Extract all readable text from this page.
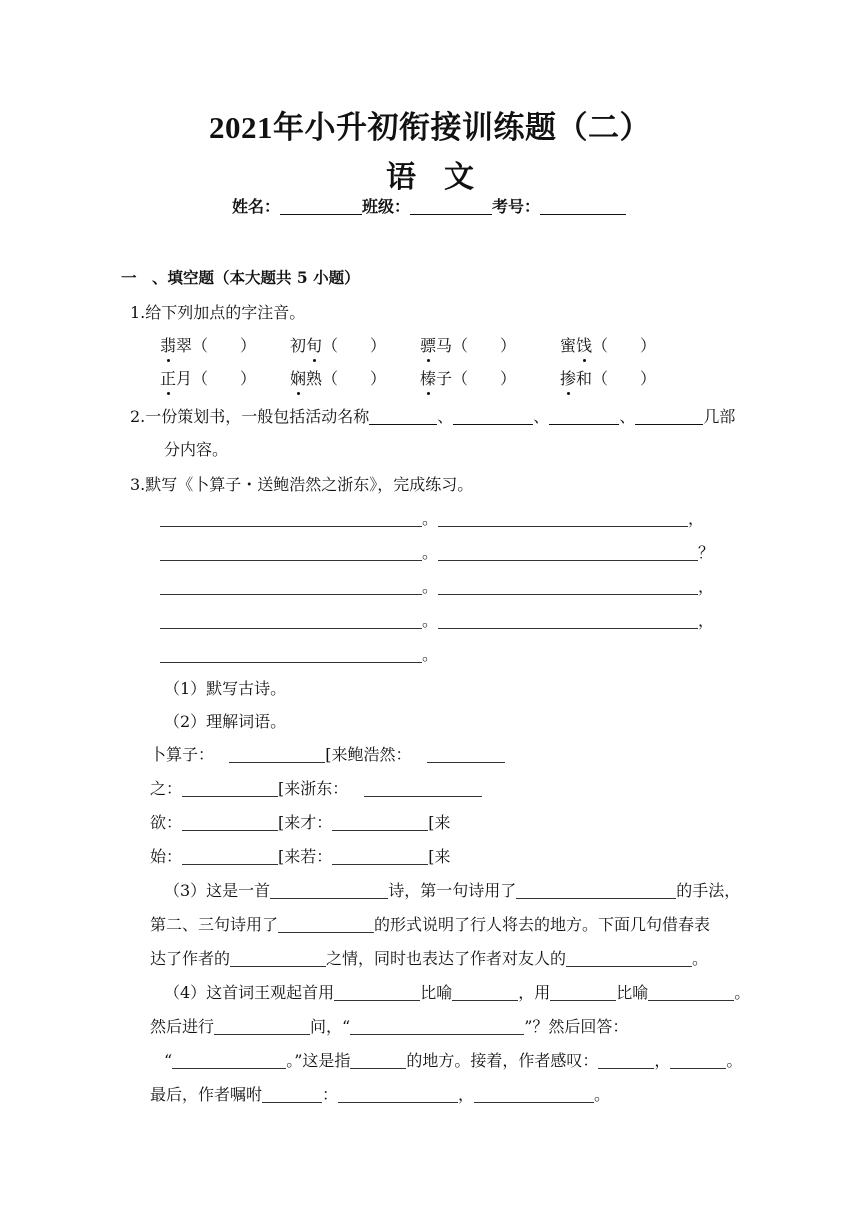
2021年小升初衔接训练题（二）
语文
姓名：	班级：	考号：
一　、填空题（本大题共 5 小题）
1.给下列加点的字注音。
翡翠（　　） 初旬（　　） 骠马（　　）	蜜饯（　　）
正月（　　） 娴熟（　　） 榛子（　　）	掺和（　　）
2.一份策划书，一般包括活动名称	、	、	、	几部
分内容。
3.默写《卜算子・送鲍浩然之浙东》，完成练习。
。	，
。	？
。	，
。	，
。
（1）默写古诗。
（2）理解词语。
卜算子：	[来鲍浩然：
之：	[来浙东：
欲：	[来才：	[来
始：	[来若：	[来
（3）这是一首	诗，第一句诗用了	的手法，
第二、三句诗用了	的形式说明了行人将去的地方。下面几句借春表
达了作者的	之情，同时也表达了作者对友人的	。
（4）这首词王观起首用	比喻	，用	比喻	。
然后进行	问，“	”？然后回答：
“	。”这是指	的地方。接着，作者感叹：	，	。
最后，作者嘱咐	：	，	。
